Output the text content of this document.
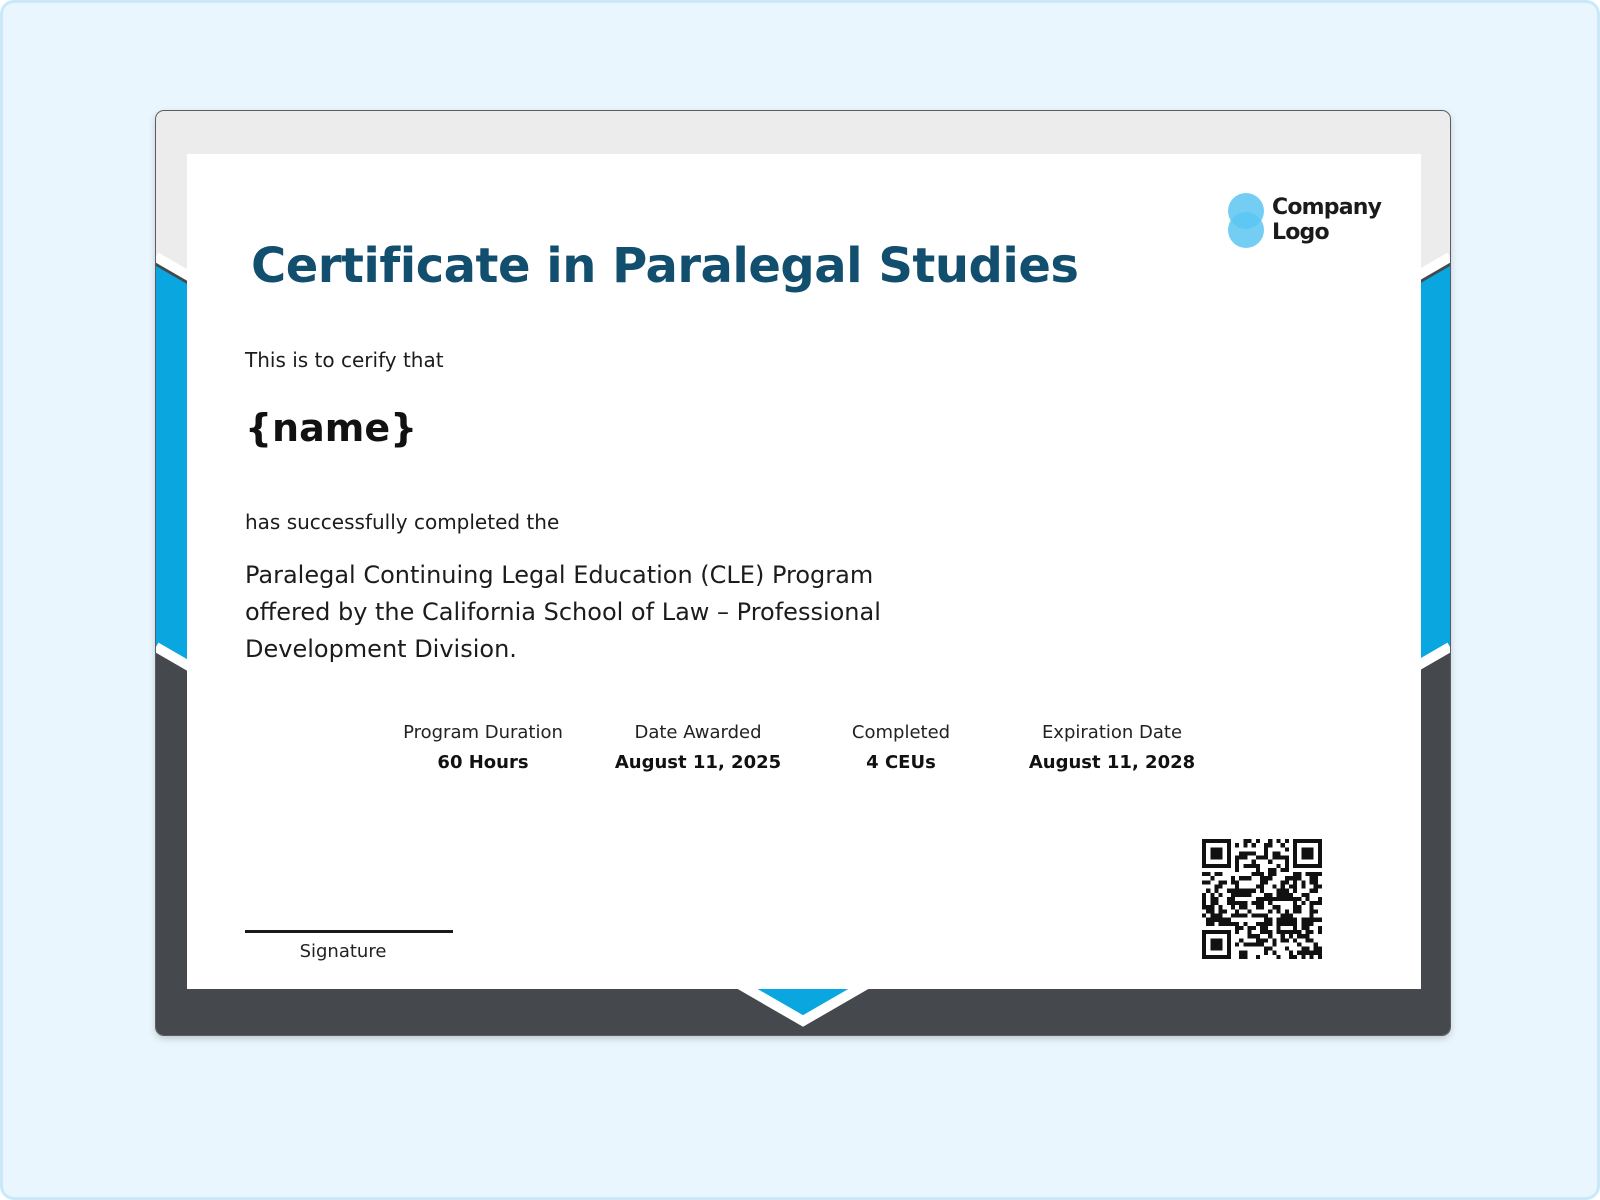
Certificate in Paralegal Studies
Company
Logo
This is to cerify that
{name}
has successfully completed the
Paralegal Continuing Legal Education (CLE) Program offered by the California School of Law – Professional Development Division.
Program Duration
60 Hours
Date Awarded
August 11, 2025
Completed
4 CEUs
Expiration Date
August 11, 2028
Signature
